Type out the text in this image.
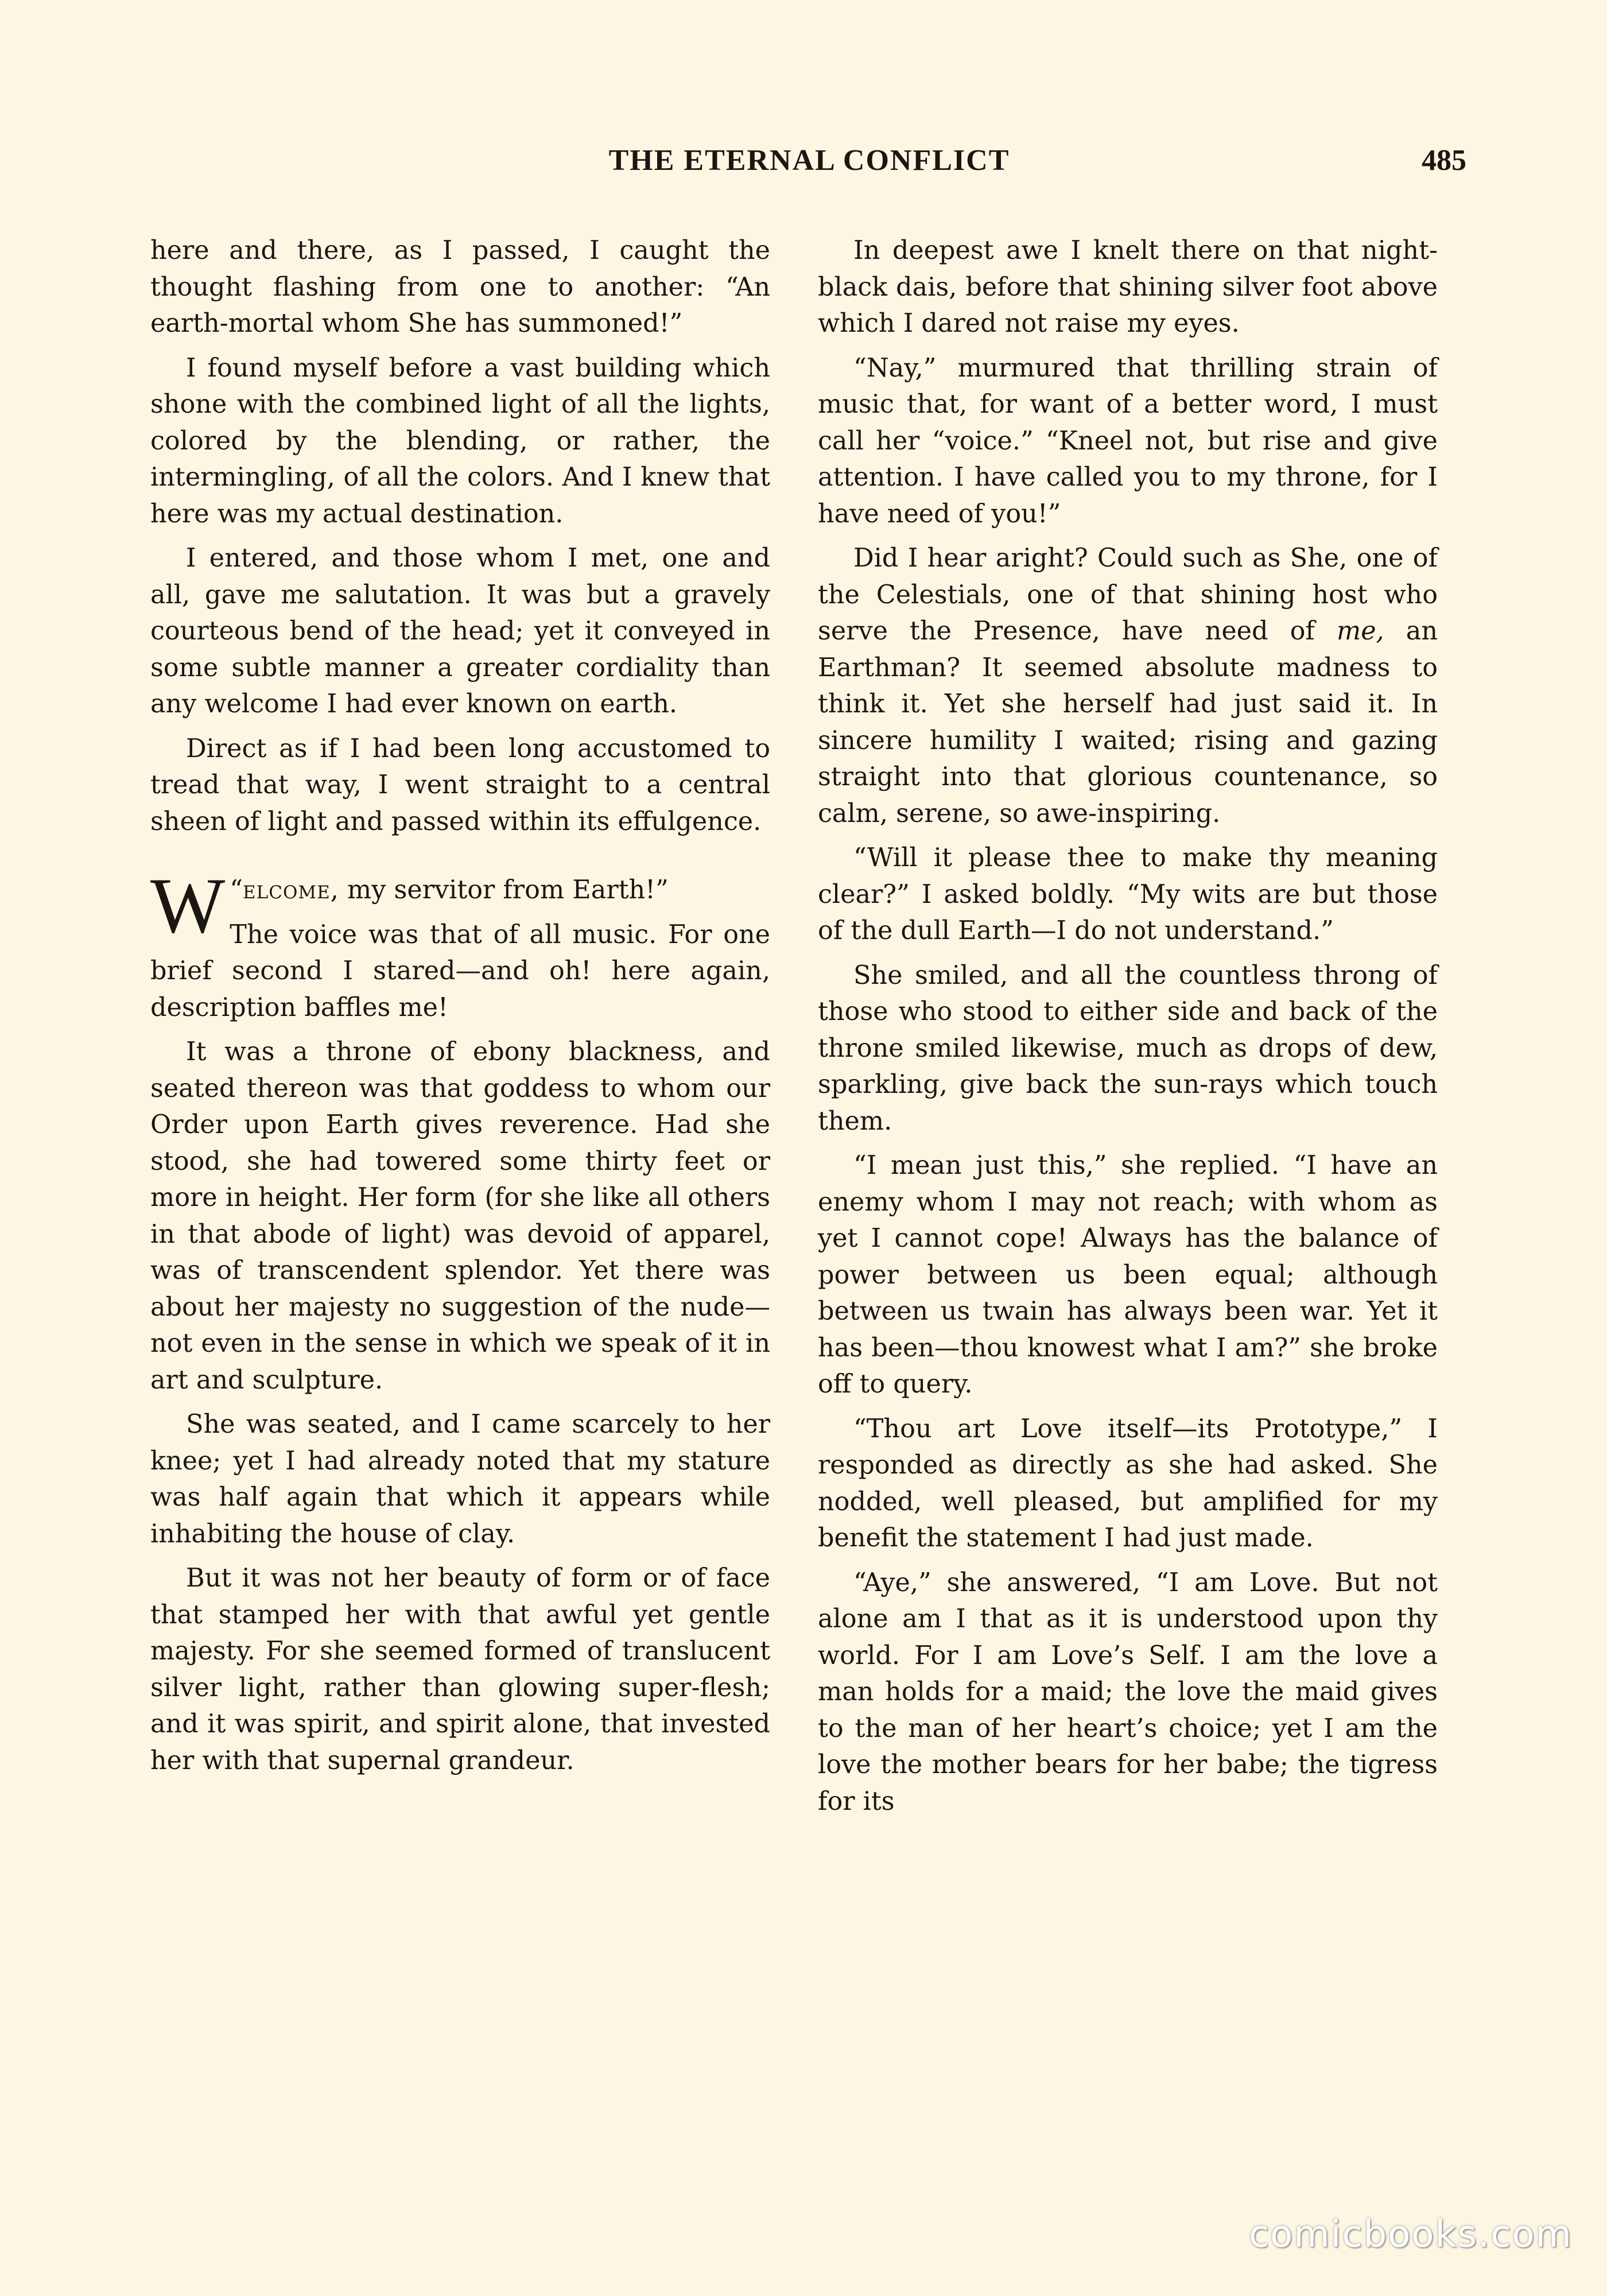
THE ETERNAL CONFLICT	485

here and there, as I passed, I caught the thought flashing from one to another: “An earth-mortal whom She has summoned!”

I found myself before a vast building which shone with the combined light of all the lights, colored by the blending, or rather, the intermingling, of all the colors. And I knew that here was my actual destination.

I entered, and those whom I met, one and all, gave me salutation. It was but a gravely courteous bend of the head; yet it conveyed in some subtle manner a greater cordiality than any welcome I had ever known on earth.

Direct as if I had been long accustomed to tread that way, I went straight to a central sheen of light and passed within its effulgence.

“
W elcome, my servitor from Earth!”

The voice was that of all music. For one brief second I stared—and oh! here again, description baffles me!

It was a throne of ebony blackness, and seated thereon was that goddess to whom our Order upon Earth gives reverence. Had she stood, she had towered some thirty feet or more in height. Her form (for she like all others in that abode of light) was devoid of apparel, was of transcendent splendor. Yet there was about her majesty no suggestion of the nude—not even in the sense in which we speak of it in art and sculpture.

She was seated, and I came scarcely to her knee; yet I had already noted that my stature was half again that which it appears while inhabiting the house of clay.

But it was not her beauty of form or of face that stamped her with that awful yet gentle majesty. For she seemed formed of translucent silver light, rather than glowing super-flesh; and it was spirit, and spirit alone, that invested her with that supernal grandeur.

In deepest awe I knelt there on that night-black dais, before that shining silver foot above which I dared not raise my eyes.

“Nay,” murmured that thrilling strain of music that, for want of a better word, I must call her “voice.” “Kneel not, but rise and give attention. I have called you to my throne, for I have need of you!”

Did I hear aright? Could such as She, one of the Celestials, one of that shining host who serve the Presence, have need of me, an Earthman? It seemed absolute madness to think it. Yet she herself had just said it. In sincere humility I waited; rising and gazing straight into that glorious countenance, so calm, serene, so awe-inspiring.

“Will it please thee to make thy meaning clear?” I asked boldly. “My wits are but those of the dull Earth—I do not understand.”

She smiled, and all the countless throng of those who stood to either side and back of the throne smiled likewise, much as drops of dew, sparkling, give back the sun-rays which touch them.

“I mean just this,” she replied. “I have an enemy whom I may not reach; with whom as yet I cannot cope! Always has the balance of power between us been equal; although between us twain has always been war. Yet it has been—thou knowest what I am?” she broke off to query.

“Thou art Love itself—its Prototype,” I responded as directly as she had asked. She nodded, well pleased, but amplified for my benefit the statement I had just made.

“Aye,” she answered, “I am Love. But not alone am I that as it is understood upon thy world. For I am Love’s Self. I am the love a man holds for a maid; the love the maid gives to the man of her heart’s choice; yet I am the love the mother bears for her babe; the tigress for its

comicbooks.com
